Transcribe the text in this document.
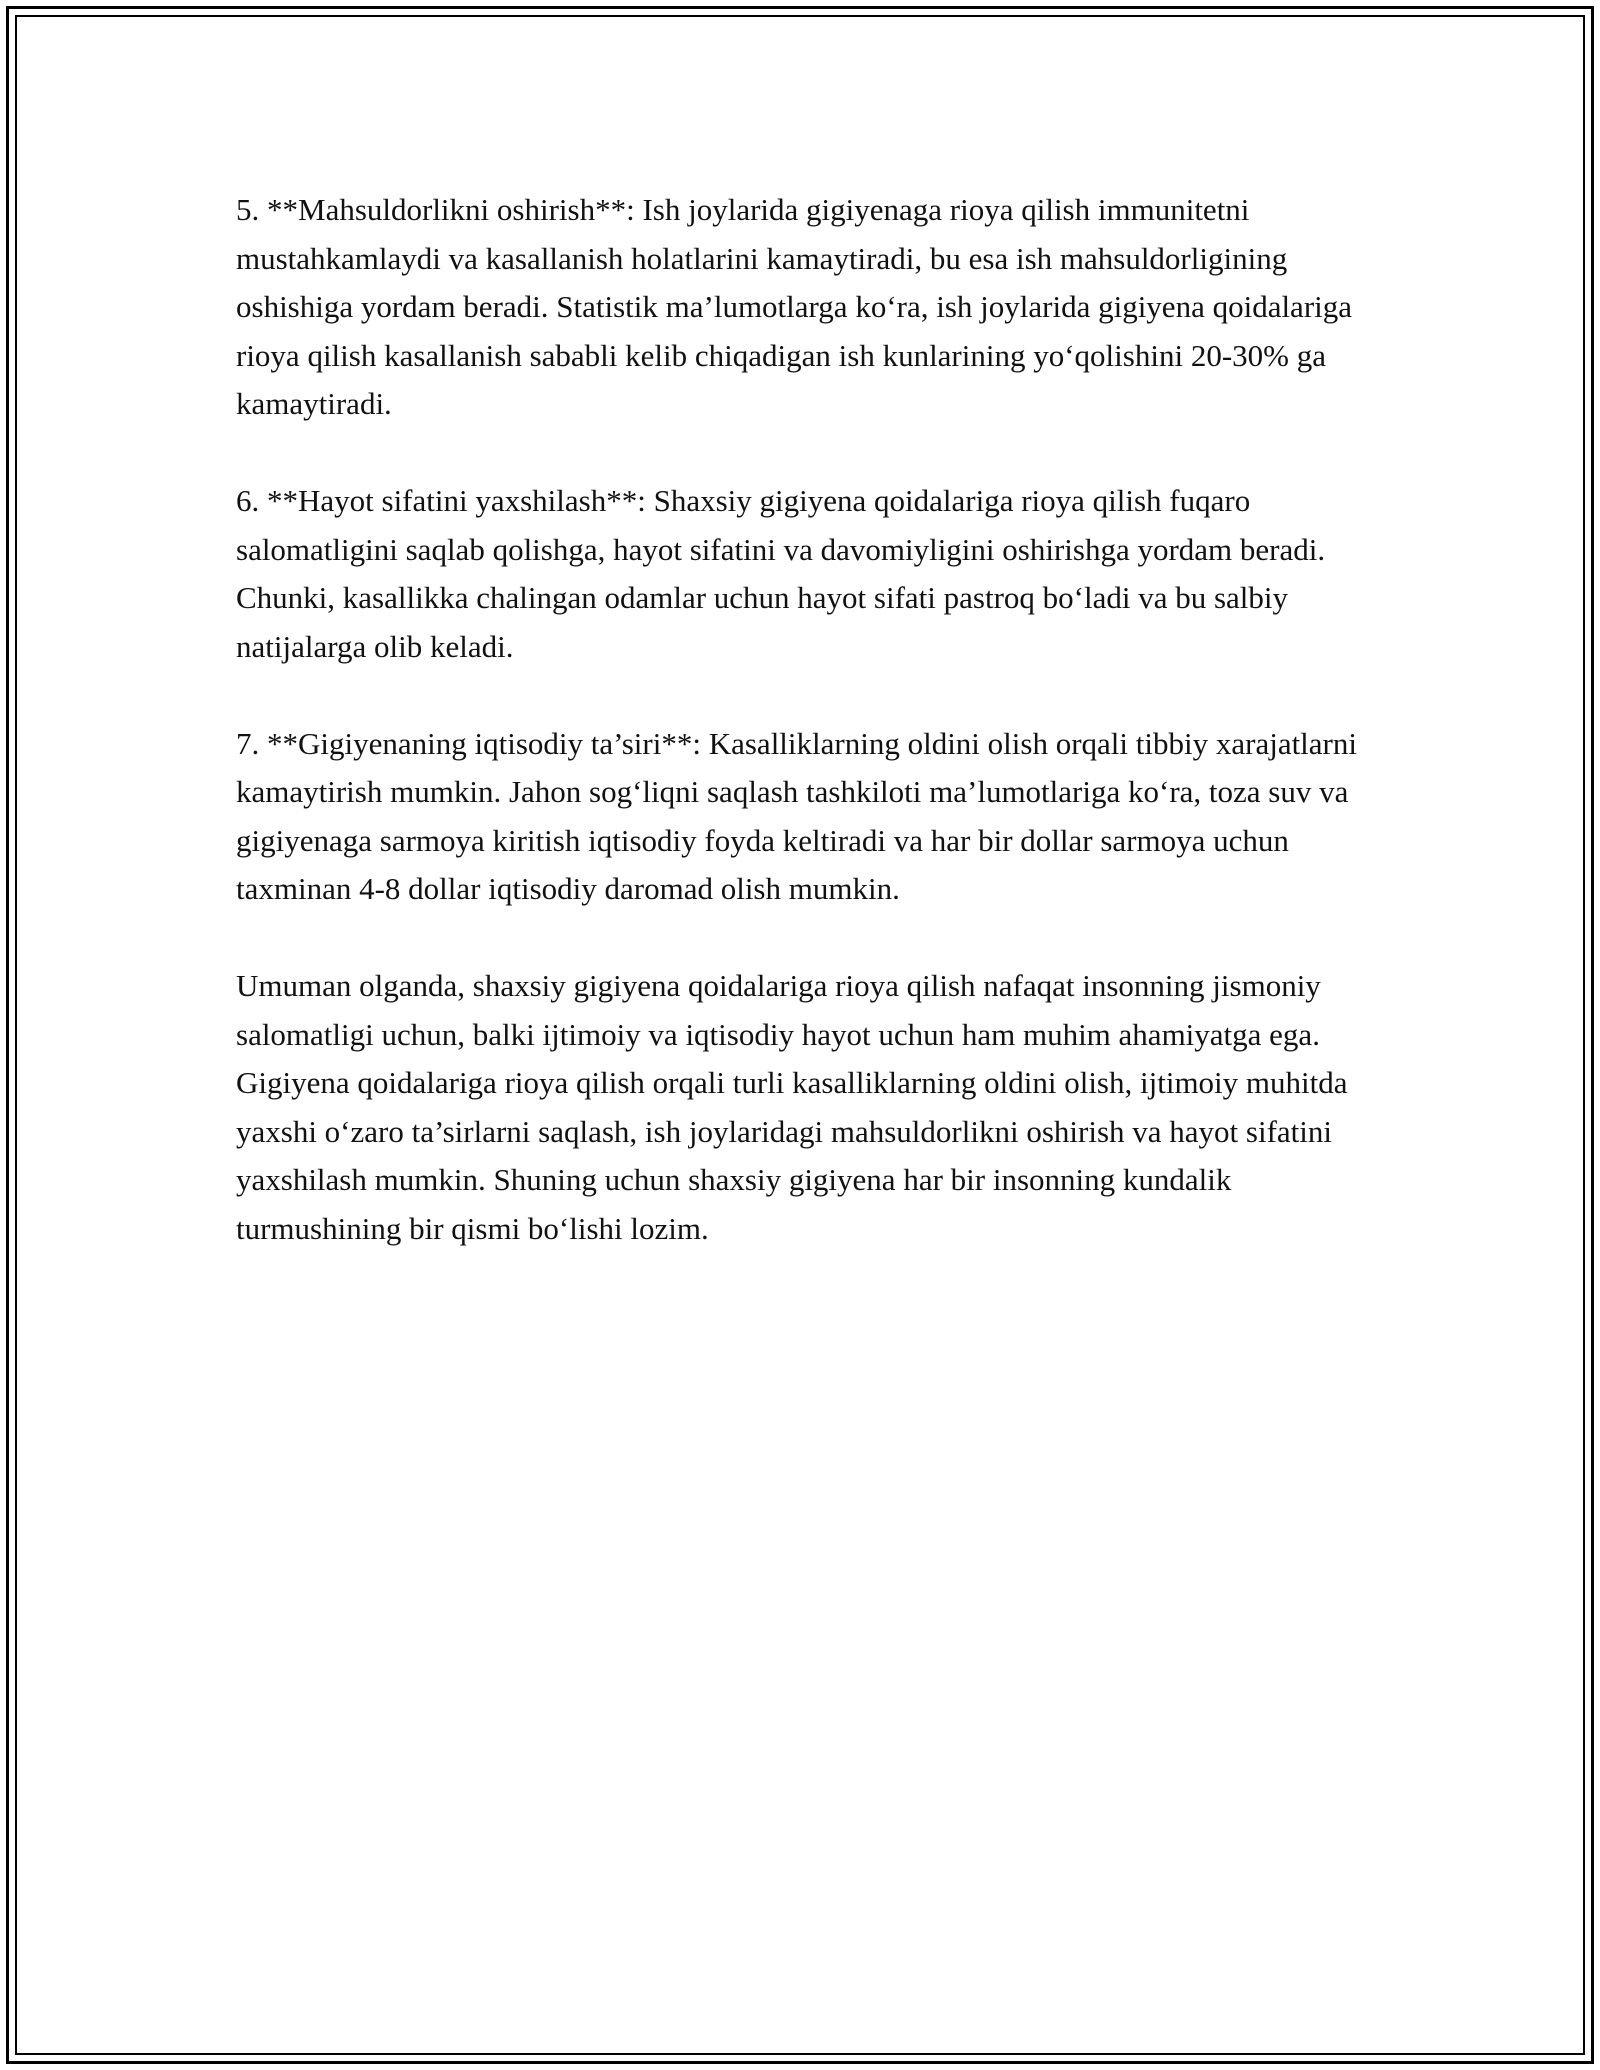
5. **Mahsuldorlikni oshirish**: Ish joylarida gigiyenaga rioya qilish immunitetni mustahkamlaydi va kasallanish holatlarini kamaytiradi, bu esa ish mahsuldorligining oshishiga yordam beradi. Statistik ma’lumotlarga ko‘ra, ish joylarida gigiyena qoidalariga rioya qilish kasallanish sababli kelib chiqadigan ish kunlarining yo‘qolishini 20-30% ga kamaytiradi.

6. **Hayot sifatini yaxshilash**: Shaxsiy gigiyena qoidalariga rioya qilish fuqaro salomatligini saqlab qolishga, hayot sifatini va davomiyligini oshirishga yordam beradi. Chunki, kasallikka chalingan odamlar uchun hayot sifati pastroq bo‘ladi va bu salbiy natijalarga olib keladi.

7. **Gigiyenaning iqtisodiy ta’siri**: Kasalliklarning oldini olish orqali tibbiy xarajatlarni kamaytirish mumkin. Jahon sog‘liqni saqlash tashkiloti ma’lumotlariga ko‘ra, toza suv va gigiyenaga sarmoya kiritish iqtisodiy foyda keltiradi va har bir dollar sarmoya uchun taxminan 4-8 dollar iqtisodiy daromad olish mumkin.

Umuman olganda, shaxsiy gigiyena qoidalariga rioya qilish nafaqat insonning jismoniy salomatligi uchun, balki ijtimoiy va iqtisodiy hayot uchun ham muhim ahamiyatga ega. Gigiyena qoidalariga rioya qilish orqali turli kasalliklarning oldini olish, ijtimoiy muhitda yaxshi o‘zaro ta’sirlarni saqlash, ish joylaridagi mahsuldorlikni oshirish va hayot sifatini yaxshilash mumkin. Shuning uchun shaxsiy gigiyena har bir insonning kundalik turmushining bir qismi bo‘lishi lozim.
